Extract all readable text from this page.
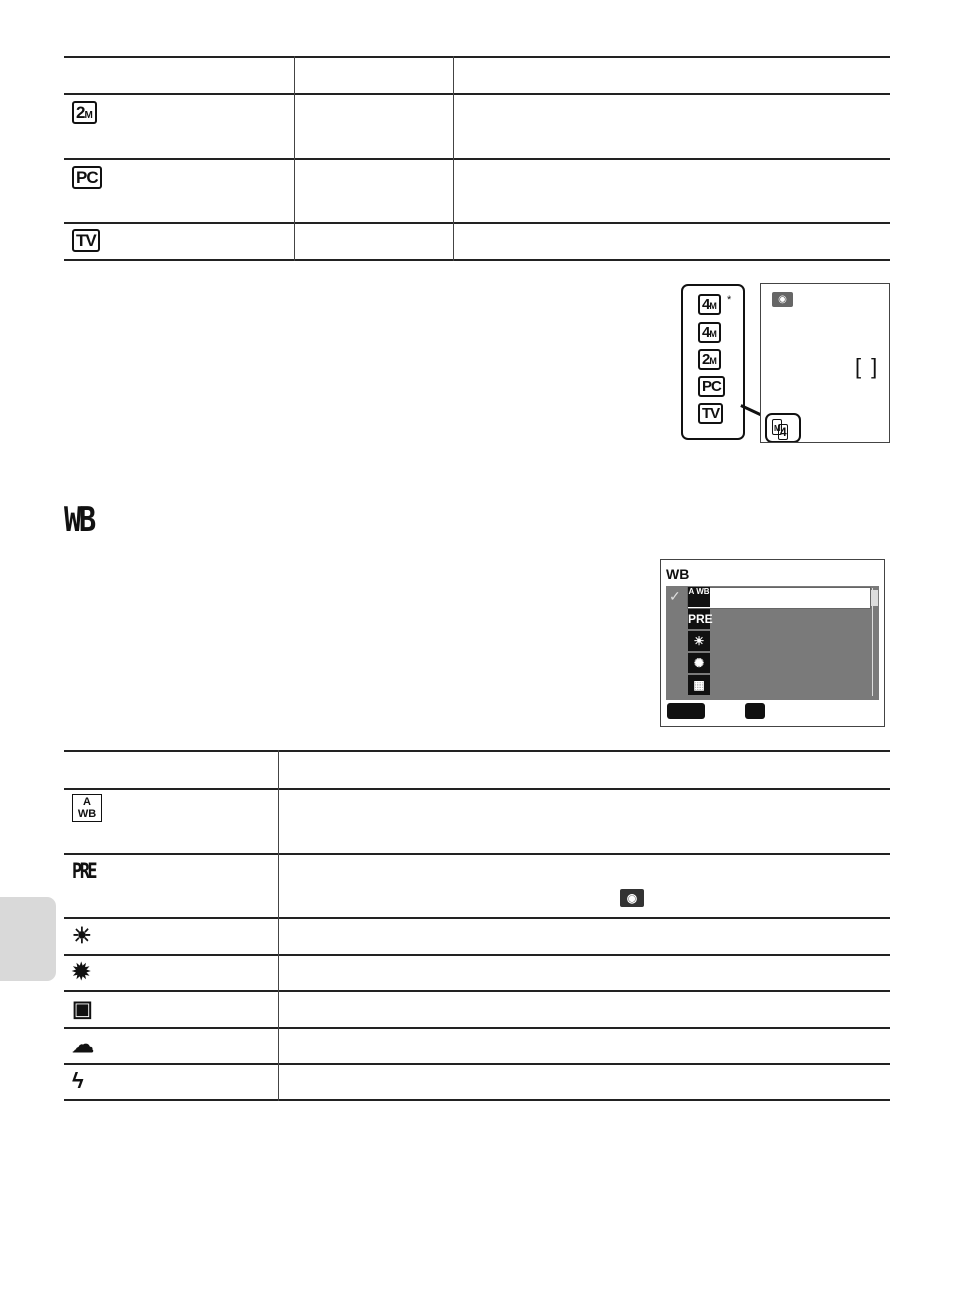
2M
PC
TV
4M *
4M
2M
PC
TV
◉
[]
4
M
WB
WB
✓ A WB
PRE
☀
✺
▦
A WB
PRE
◉
☀
✹
▣
☁
ϟ
